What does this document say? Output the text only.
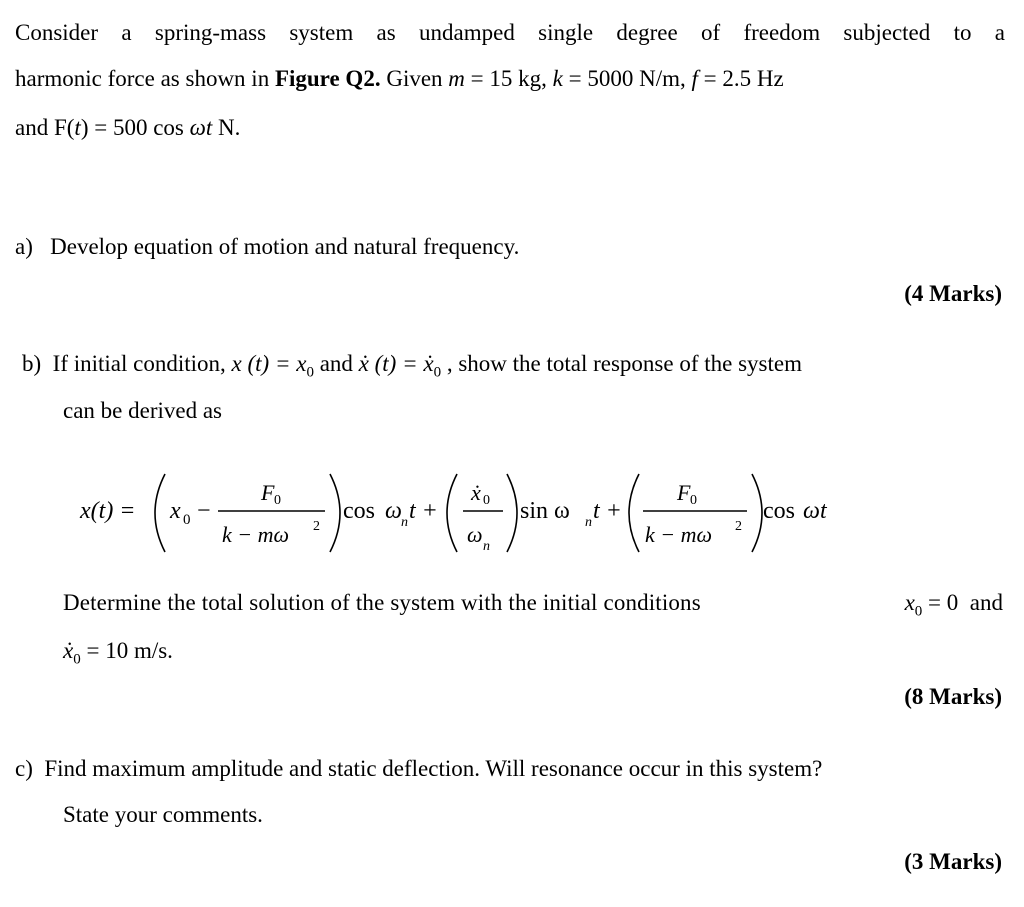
Consider a spring-mass system as undamped single degree of freedom subjected to a
harmonic force as shown in Figure Q2. Given m = 15 kg, k = 5000 N/m, f = 2.5 Hz
and F(t) = 500 cos ωt N.
a) Develop equation of motion and natural frequency.
(4 Marks)
b) If initial condition, x $(t) = x_0$ and ẋ (t) = ẋ$_0$ , show the total response of the system
can be derived as
x(t) = x 0 −
F 0
k − mω 2
cos ω n t +
ẋ 0
ω n
sin ω n t +
F 0
k − mω 2
cos ωt
Determine the total solution of the system with the initial conditions	$x_0 = 0$ and
ẋ$_0$ = 10 m/s.
(8 Marks)
c) Find maximum amplitude and static deflection. Will resonance occur in this system?
State your comments.
(3 Marks)
